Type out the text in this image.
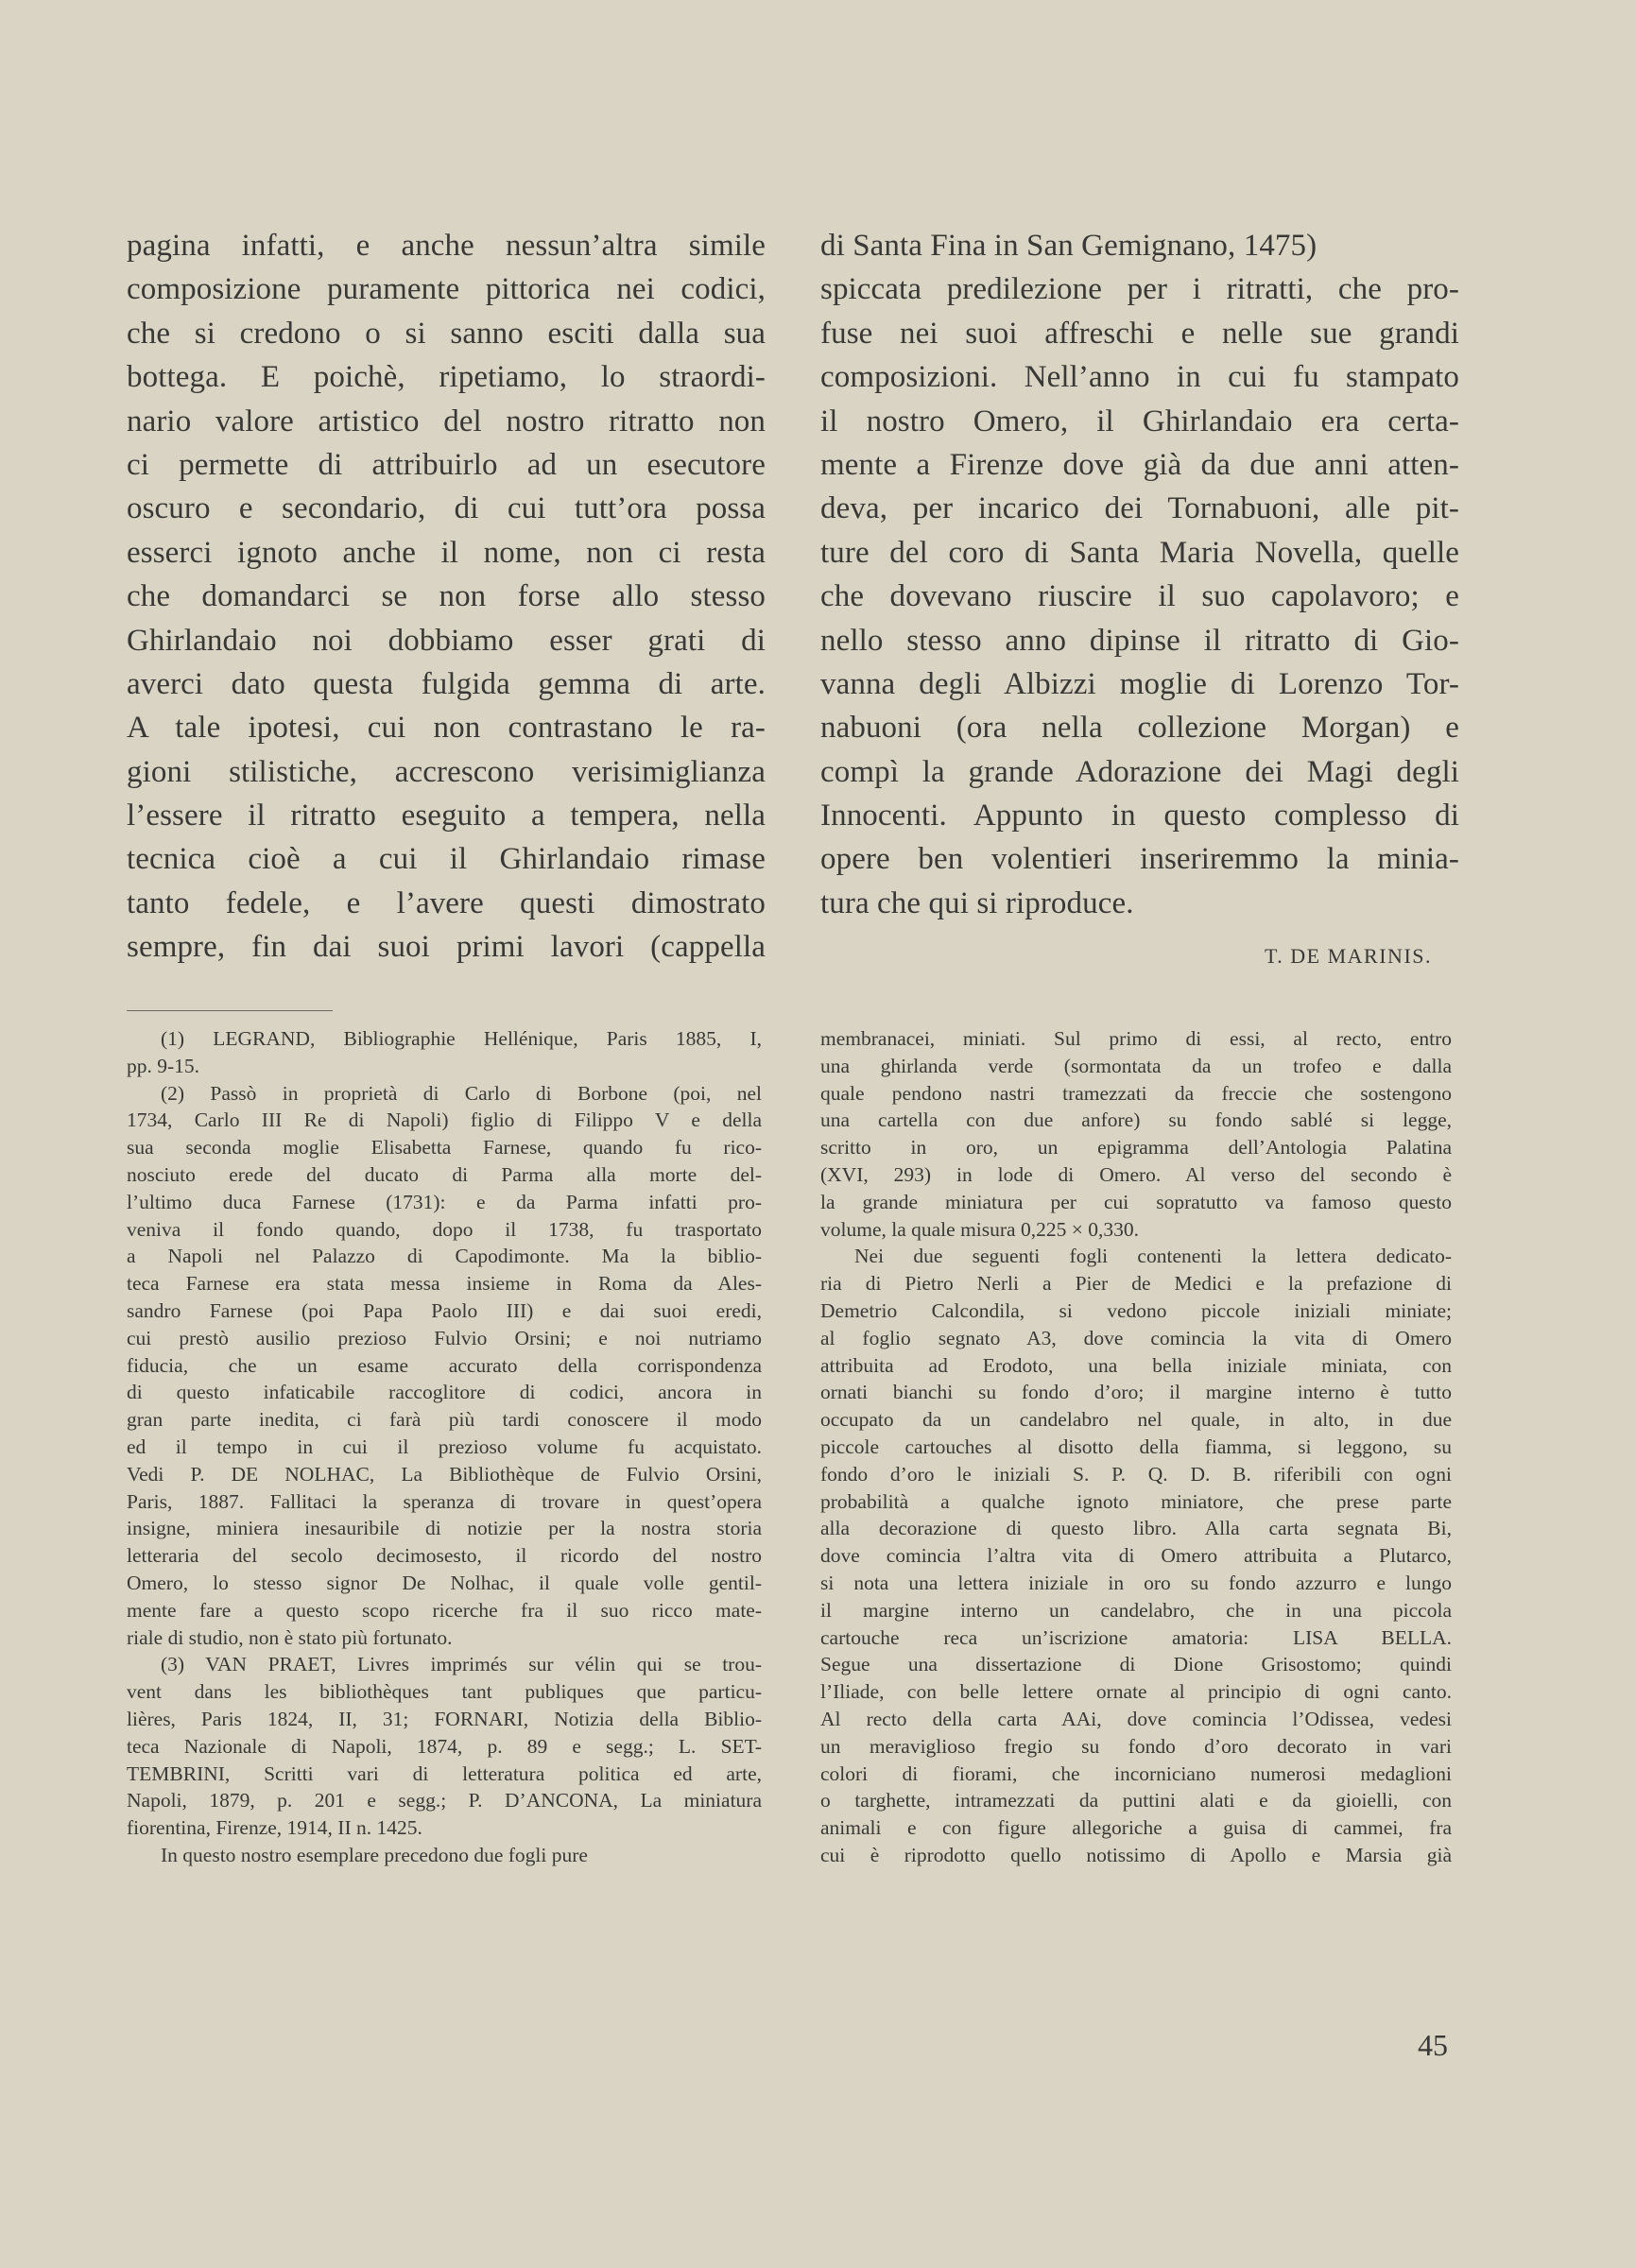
pagina infatti, e anche nessun’altra simile
composizione puramente pittorica nei codici,
che si credono o si sanno esciti dalla sua
bottega. E poichè, ripetiamo, lo straordi-
nario valore artistico del nostro ritratto non
ci permette di attribuirlo ad un esecutore
oscuro e secondario, di cui tutt’ora possa
esserci ignoto anche il nome, non ci resta
che domandarci se non forse allo stesso
Ghirlandaio noi dobbiamo esser grati di
averci dato questa fulgida gemma di arte.
A tale ipotesi, cui non contrastano le ra-
gioni stilistiche, accrescono verisimiglianza
l’essere il ritratto eseguito a tempera, nella
tecnica cioè a cui il Ghirlandaio rimase
tanto fedele, e l’avere questi dimostrato
sempre, fin dai suoi primi lavori (cappella
di Santa Fina in San Gemignano, 1475)
spiccata predilezione per i ritratti, che pro-
fuse nei suoi affreschi e nelle sue grandi
composizioni. Nell’anno in cui fu stampato
il nostro Omero, il Ghirlandaio era certa-
mente a Firenze dove già da due anni atten-
deva, per incarico dei Tornabuoni, alle pit-
ture del coro di Santa Maria Novella, quelle
che dovevano riuscire il suo capolavoro; e
nello stesso anno dipinse il ritratto di Gio-
vanna degli Albizzi moglie di Lorenzo Tor-
nabuoni (ora nella collezione Morgan) e
compì la grande Adorazione dei Magi degli
Innocenti. Appunto in questo complesso di
opere ben volentieri inseriremmo la minia-
tura che qui si riproduce.
T. DE MARINIS.
(1) LEGRAND, Bibliographie Hellénique, Paris 1885, I,
pp. 9-15.
(2) Passò in proprietà di Carlo di Borbone (poi, nel
1734, Carlo III Re di Napoli) figlio di Filippo V e della
sua seconda moglie Elisabetta Farnese, quando fu rico-
nosciuto erede del ducato di Parma alla morte del-
l’ultimo duca Farnese (1731): e da Parma infatti pro-
veniva il fondo quando, dopo il 1738, fu trasportato
a Napoli nel Palazzo di Capodimonte. Ma la biblio-
teca Farnese era stata messa insieme in Roma da Ales-
sandro Farnese (poi Papa Paolo III) e dai suoi eredi,
cui prestò ausilio prezioso Fulvio Orsini; e noi nutriamo
fiducia, che un esame accurato della corrispondenza
di questo infaticabile raccoglitore di codici, ancora in
gran parte inedita, ci farà più tardi conoscere il modo
ed il tempo in cui il prezioso volume fu acquistato.
Vedi P. DE NOLHAC, La Bibliothèque de Fulvio Orsini,
Paris, 1887. Fallitaci la speranza di trovare in quest’opera
insigne, miniera inesauribile di notizie per la nostra storia
letteraria del secolo decimosesto, il ricordo del nostro
Omero, lo stesso signor De Nolhac, il quale volle gentil-
mente fare a questo scopo ricerche fra il suo ricco mate-
riale di studio, non è stato più fortunato.
(3) VAN PRAET, Livres imprimés sur vélin qui se trou-
vent dans les bibliothèques tant publiques que particu-
lières, Paris 1824, II, 31; FORNARI, Notizia della Biblio-
teca Nazionale di Napoli, 1874, p. 89 e segg.; L. SET-
TEMBRINI, Scritti vari di letteratura politica ed arte,
Napoli, 1879, p. 201 e segg.; P. D’ANCONA, La miniatura
fiorentina, Firenze, 1914, II n. 1425.
In questo nostro esemplare precedono due fogli pure
membranacei, miniati. Sul primo di essi, al recto, entro
una ghirlanda verde (sormontata da un trofeo e dalla
quale pendono nastri tramezzati da freccie che sostengono
una cartella con due anfore) su fondo sablé si legge,
scritto in oro, un epigramma dell’Antologia Palatina
(XVI, 293) in lode di Omero. Al verso del secondo è
la grande miniatura per cui sopratutto va famoso questo
volume, la quale misura 0,225 × 0,330.
Nei due seguenti fogli contenenti la lettera dedicato-
ria di Pietro Nerli a Pier de Medici e la prefazione di
Demetrio Calcondila, si vedono piccole iniziali miniate;
al foglio segnato A3, dove comincia la vita di Omero
attribuita ad Erodoto, una bella iniziale miniata, con
ornati bianchi su fondo d’oro; il margine interno è tutto
occupato da un candelabro nel quale, in alto, in due
piccole cartouches al disotto della fiamma, si leggono, su
fondo d’oro le iniziali S. P. Q. D. B. riferibili con ogni
probabilità a qualche ignoto miniatore, che prese parte
alla decorazione di questo libro. Alla carta segnata Bi,
dove comincia l’altra vita di Omero attribuita a Plutarco,
si nota una lettera iniziale in oro su fondo azzurro e lungo
il margine interno un candelabro, che in una piccola
cartouche reca un’iscrizione amatoria: LISA BELLA.
Segue una dissertazione di Dione Grisostomo; quindi
l’Iliade, con belle lettere ornate al principio di ogni canto.
Al recto della carta AAi, dove comincia l’Odissea, vedesi
un meraviglioso fregio su fondo d’oro decorato in vari
colori di fiorami, che incorniciano numerosi medaglioni
o targhette, intramezzati da puttini alati e da gioielli, con
animali e con figure allegoriche a guisa di cammei, fra
cui è riprodotto quello notissimo di Apollo e Marsia già
45
